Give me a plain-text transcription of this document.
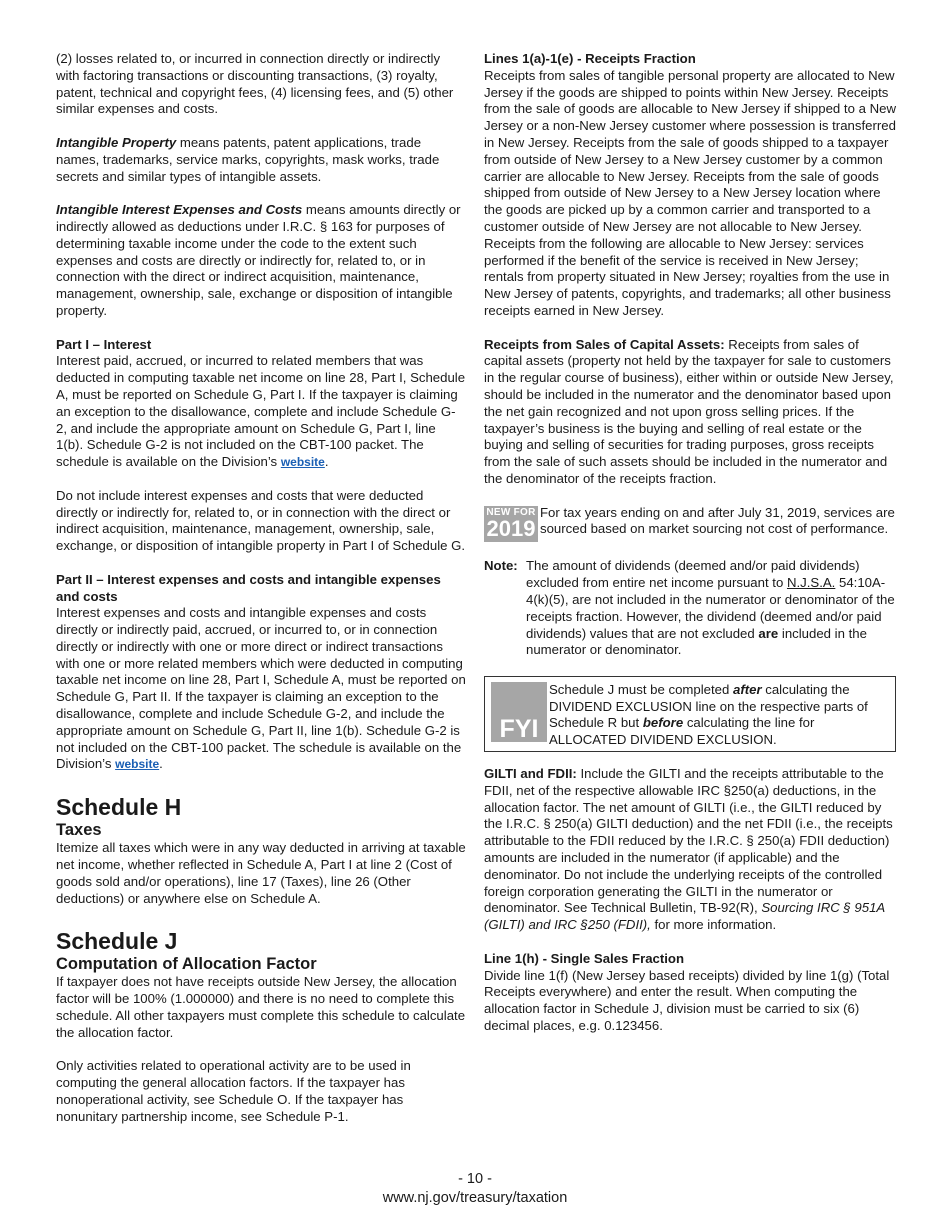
(2) losses related to, or incurred in connection directly or indirectly with factoring transactions or discounting transactions, (3) royalty, patent, technical and copyright fees, (4) licensing fees, and (5) other similar expenses and costs.

Intangible Property means patents, patent applications, trade names, trademarks, service marks, copyrights, mask works, trade secrets and similar types of intangible assets.

Intangible Interest Expenses and Costs means amounts directly or indirectly allowed as deductions under I.R.C. § 163 for purposes of determining taxable income under the code to the extent such expenses and costs are directly or indirectly for, related to, or in connection with the direct or indirect acquisition, maintenance, management, ownership, sale, exchange or disposition of intangible property.

Part I – Interest

Interest paid, accrued, or incurred to related members that was deducted in computing taxable net income on line 28, Part I, Schedule A, must be reported on Schedule G, Part I. If the taxpayer is claiming an exception to the disallowance, complete and include Schedule G-2, and include the appropriate amount on Schedule G, Part I, line 1(b). Schedule G-2 is not included on the CBT-100 packet. The schedule is available on the Division’s website.

Do not include interest expenses and costs that were deducted directly or indirectly for, related to, or in connection with the direct or indirect acquisition, maintenance, management, ownership, sale, exchange, or disposition of intangible property in Part I of Schedule G.

Part II – Interest expenses and costs and intangible expenses and costs

Interest expenses and costs and intangible expenses and costs directly or indirectly paid, accrued, or incurred to, or in connection directly or indirectly with one or more direct or indirect transactions with one or more related members which were deducted in computing taxable net income on line 28, Part I, Schedule A, must be reported on Schedule G, Part II. If the taxpayer is claiming an exception to the disallowance, complete and include Schedule G-2, and include the appropriate amount on Schedule G, Part II, line 1(b). Schedule G-2 is not included on the CBT-100 packet. The schedule is available on the Division’s website.

Schedule H
Taxes

Itemize all taxes which were in any way deducted in arriving at taxable net income, whether reflected in Schedule A, Part I at line 2 (Cost of goods sold and/or operations), line 17 (Taxes), line 26 (Other deductions) or anywhere else on Schedule A.

Schedule J
Computation of Allocation Factor

If taxpayer does not have receipts outside New Jersey, the allocation factor will be 100% (1.000000) and there is no need to complete this schedule. All other taxpayers must complete this schedule to calculate the allocation factor.

Only activities related to operational activity are to be used in computing the general allocation factors. If the taxpayer has nonoperational activity, see Schedule O. If the taxpayer has nonunitary partnership income, see Schedule P-1.

Lines 1(a)-1(e) - Receipts Fraction

Receipts from sales of tangible personal property are allocated to New Jersey if the goods are shipped to points within New Jersey. Receipts from the sale of goods are allocable to New Jersey if shipped to a New Jersey or a non-New Jersey customer where possession is transferred in New Jersey. Receipts from the sale of goods shipped to a taxpayer from outside of New Jersey to a New Jersey customer by a common carrier are allocable to New Jersey. Receipts from the sale of goods shipped from outside of New Jersey to a New Jersey location where the goods are picked up by a common carrier and transported to a customer outside of New Jersey are not allocable to New Jersey. Receipts from the following are allocable to New Jersey: services performed if the benefit of the service is received in New Jersey; rentals from property situated in New Jersey; royalties from the use in New Jersey of patents, copyrights, and trademarks; all other business receipts earned in New Jersey.

Receipts from Sales of Capital Assets: Receipts from sales of capital assets (property not held by the taxpayer for sale to customers in the regular course of business), either within or outside New Jersey, should be included in the numerator and the denominator based upon the net gain recognized and not upon gross selling prices. If the taxpayer’s business is the buying and selling of real estate or the buying and selling of securities for trading purposes, gross receipts from the sale of such assets should be included in the numerator and the denominator of the receipts fraction.

NEW FOR
2019

For tax years ending on and after July 31, 2019, services are sourced based on market sourcing not cost of performance.

Note: The amount of dividends (deemed and/or paid dividends) excluded from entire net income pursuant to N.J.S.A. 54:10A-4(k)(5), are not included in the numerator or denominator of the receipts fraction. However, the dividend (deemed and/or paid dividends) values that are not excluded are included in the numerator or denominator.

FYI

Schedule J must be completed after calculating the DIVIDEND EXCLUSION line on the respective parts of Schedule R but before calculating the line for ALLOCATED DIVIDEND EXCLUSION.

GILTI and FDII: Include the GILTI and the receipts attributable to the FDII, net of the respective allowable IRC §250(a) deductions, in the allocation factor. The net amount of GILTI (i.e., the GILTI reduced by the I.R.C. § 250(a) GILTI deduction) and the net FDII (i.e., the receipts attributable to the FDII reduced by the I.R.C. § 250(a) FDII deduction) amounts are included in the numerator (if applicable) and the denominator. Do not include the underlying receipts of the controlled foreign corporation generating the GILTI in the numerator or denominator. See Technical Bulletin, TB-92(R), Sourcing IRC § 951A (GILTI) and IRC §250 (FDII), for more information.

Line 1(h) - Single Sales Fraction

Divide line 1(f) (New Jersey based receipts) divided by line 1(g) (Total Receipts everywhere) and enter the result. When computing the allocation factor in Schedule J, division must be carried to six (6) decimal places, e.g. 0.123456.

- 10 -
www.nj.gov/treasury/taxation
